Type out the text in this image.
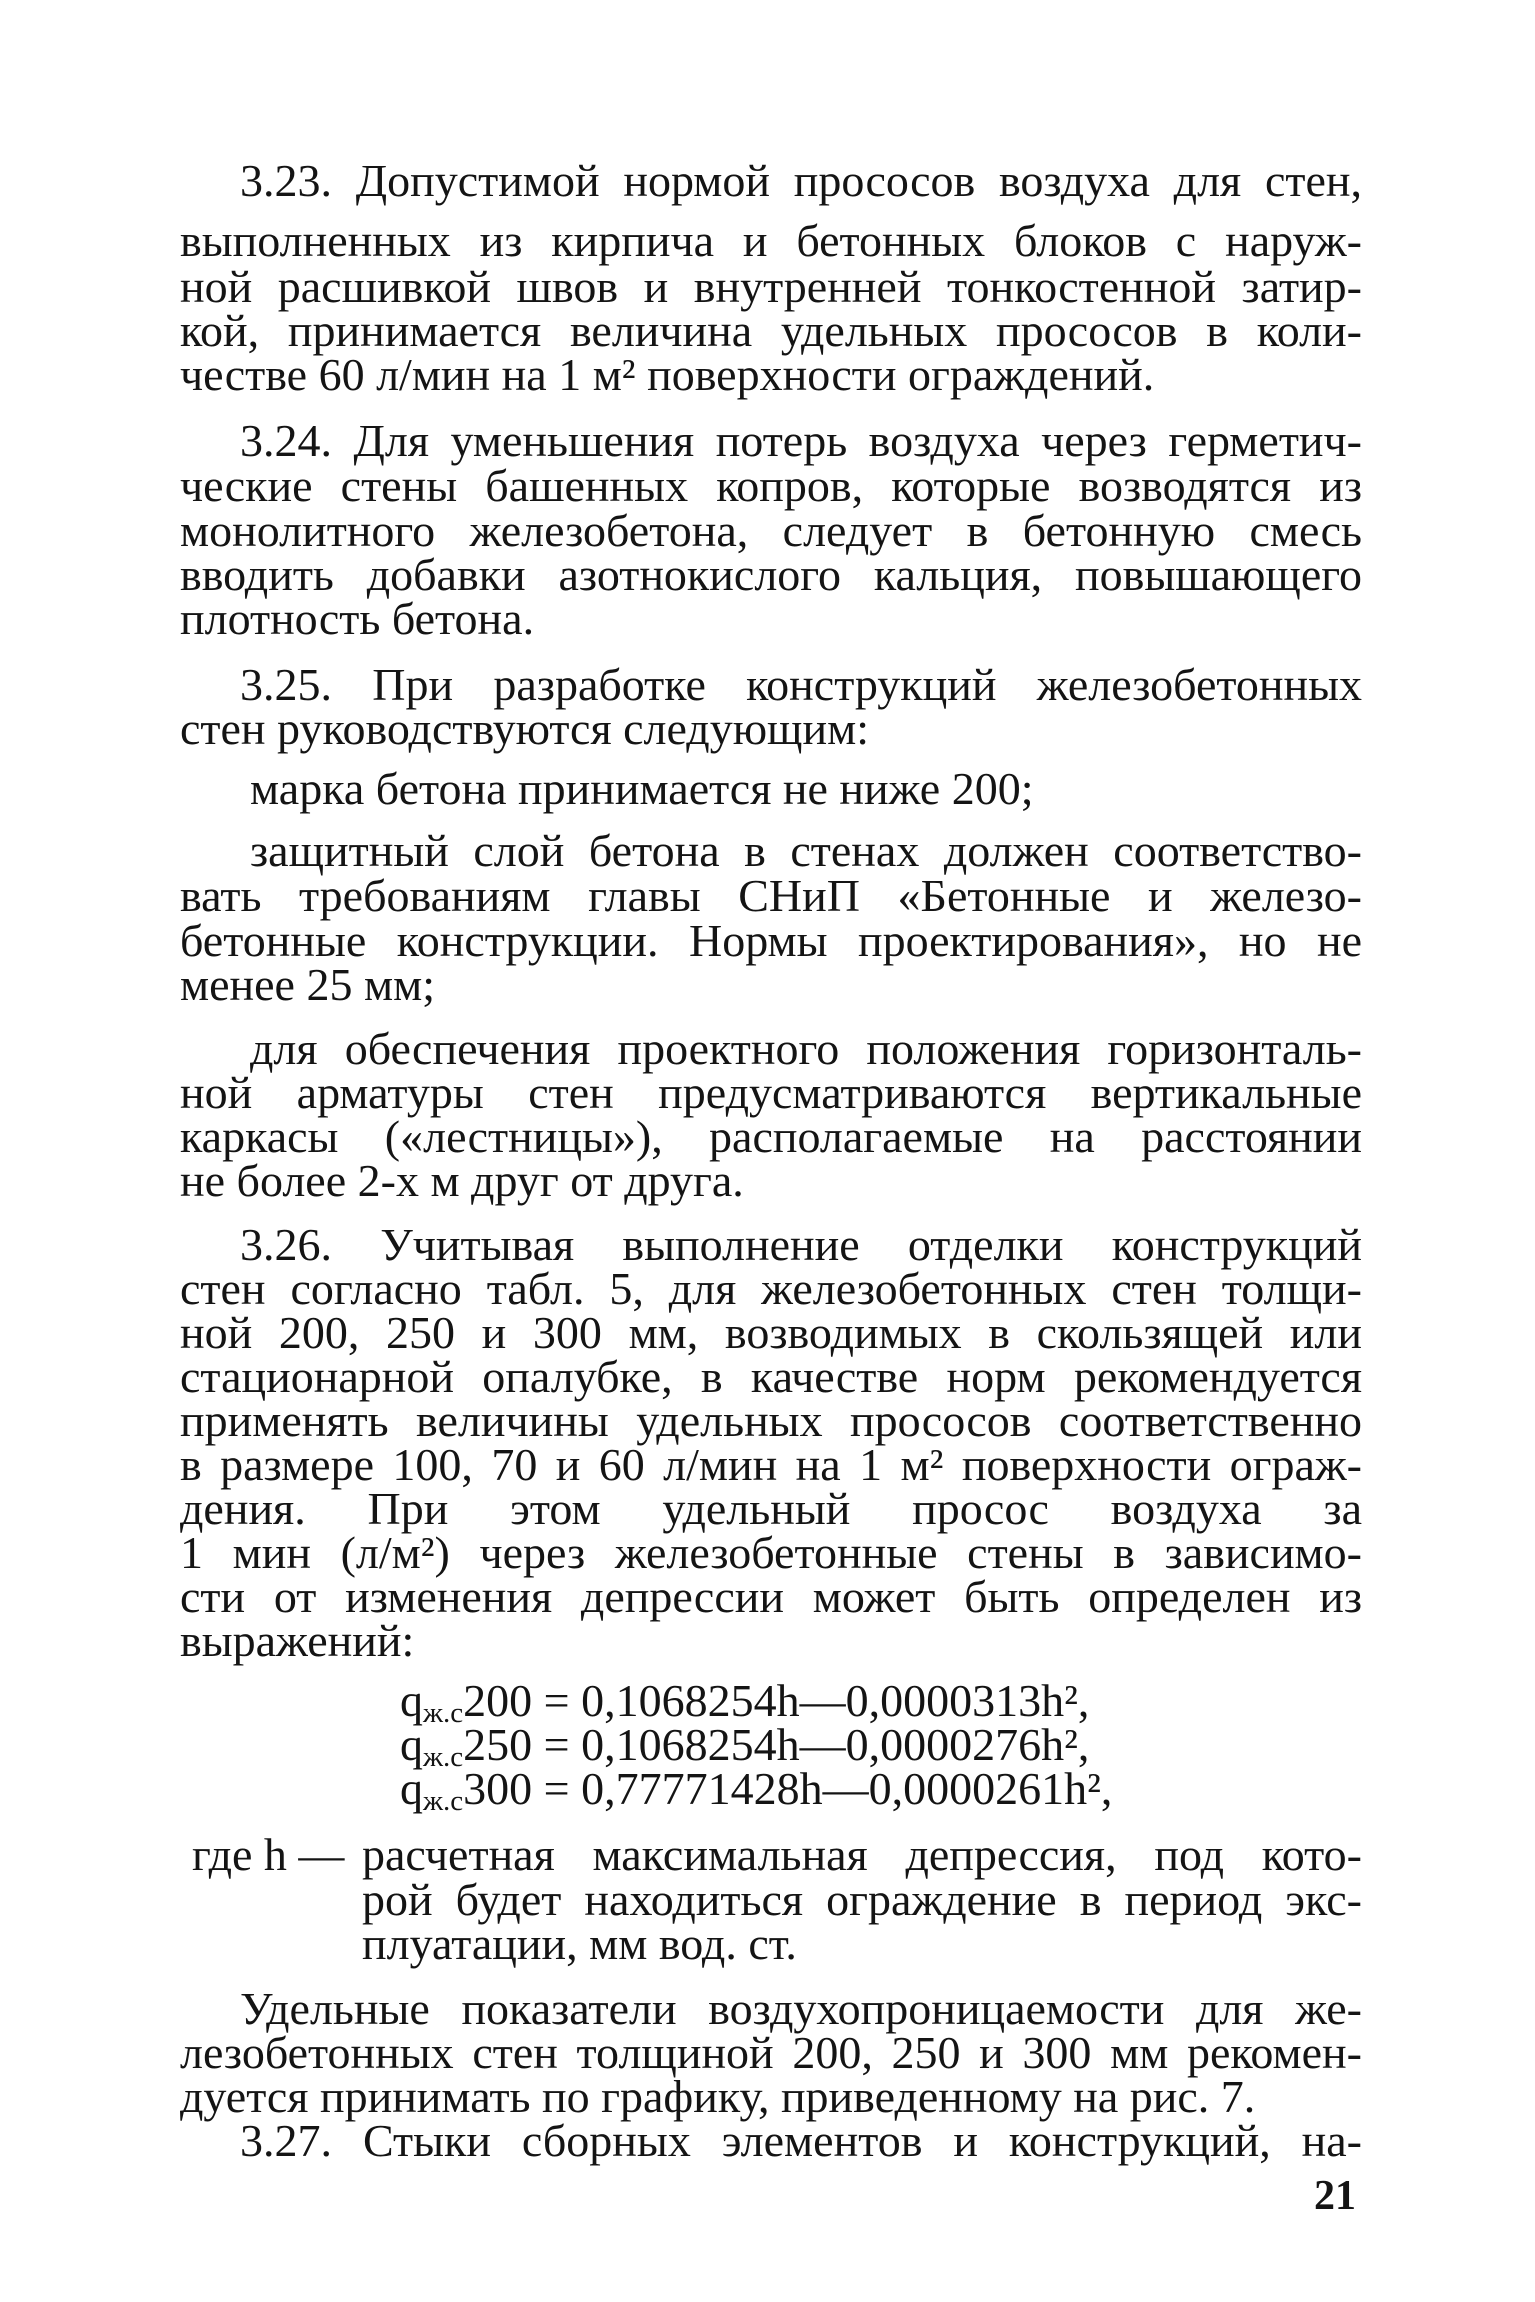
3.23. Допустимой нормой прососов воздуха для стен,
выполненных из кирпича и бетонных блоков с наруж-
ной расшивкой швов и внутренней тонкостенной затир-
кой, принимается величина удельных прососов в коли-
честве 60 л/мин на 1 м² поверхности ограждений.
3.24. Для уменьшения потерь воздуха через герметич-
ческие стены башенных копров, которые возводятся из
монолитного железобетона, следует в бетонную смесь
вводить добавки азотнокислого кальция, повышающего
плотность бетона.
3.25. При разработке конструкций железобетонных
стен руководствуются следующим:
марка бетона принимается не ниже 200;
защитный слой бетона в стенах должен соответство-
вать требованиям главы СНиП «Бетонные и железо-
бетонные конструкции. Нормы проектирования», но не
менее 25 мм;
для обеспечения проектного положения горизонталь-
ной арматуры стен предусматриваются вертикальные
каркасы («лестницы»), располагаемые на расстоянии
не более 2-х м друг от друга.
3.26. Учитывая выполнение отделки конструкций
стен согласно табл. 5, для железобетонных стен толщи-
ной 200, 250 и 300 мм, возводимых в скользящей или
стационарной опалубке, в качестве норм рекомендуется
применять величины удельных прососов соответственно
в размере 100, 70 и 60 л/мин на 1 м² поверхности ограж-
дения. При этом удельный просос воздуха за
1 мин (л/м²) через железобетонные стены в зависимо-
сти от изменения депрессии может быть определен из
выражений:
$q_{ж.с}200$ = 0,1068254h—0,0000313h²,
$q_{ж.с}250$ = 0,1068254h—0,0000276h²,
$q_{ж.с}300$ = 0,77771428h—0,0000261h²,
где h — расчетная максимальная депрессия, под кото-
рой будет находиться ограждение в период экс-
плуатации, мм вод. ст.
Удельные показатели воздухопроницаемости для же-
лезобетонных стен толщиной 200, 250 и 300 мм рекомен-
дуется принимать по графику, приведенному на рис. 7.
3.27. Стыки сборных элементов и конструкций, на-
21
